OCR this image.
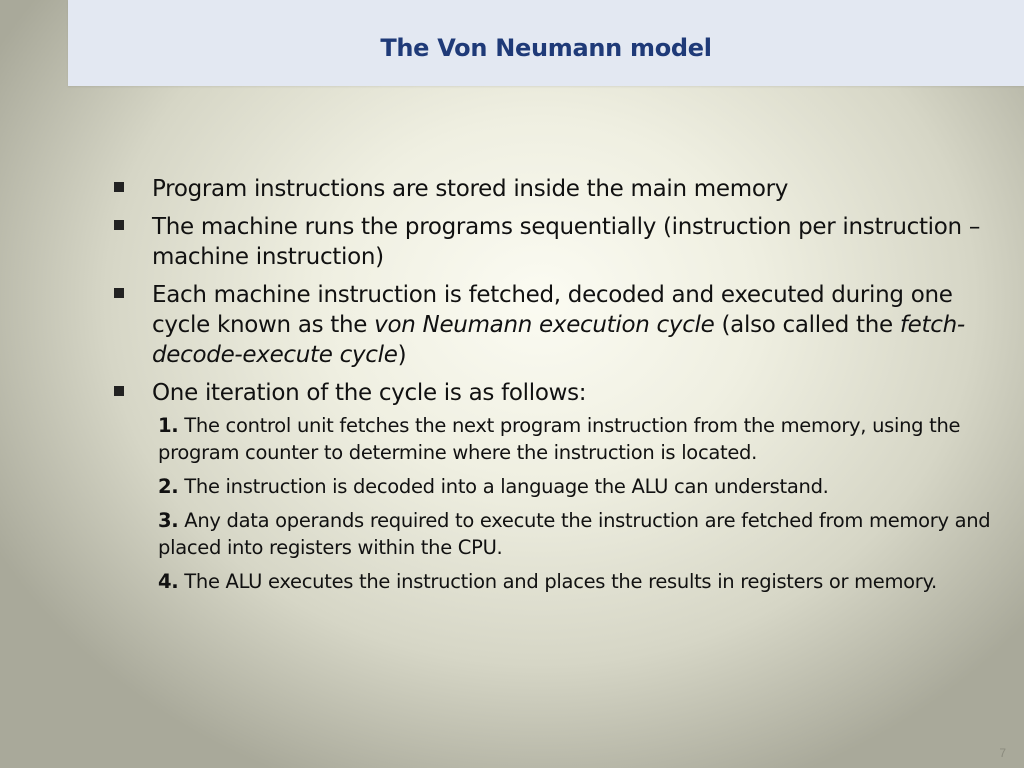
The Von Neumann model
Program instructions are stored inside the main memory
The machine runs the programs sequentially (instruction per instruction – machine instruction)
Each machine instruction is fetched, decoded and executed during one cycle known as the von Neumann execution cycle (also called the fetch-decode-execute cycle)
One iteration of the cycle is as follows:
1. The control unit fetches the next program instruction from the memory, using the program counter to determine where the instruction is located.
2. The instruction is decoded into a language the ALU can understand.
3. Any data operands required to execute the instruction are fetched from memory and placed into registers within the CPU.
4. The ALU executes the instruction and places the results in registers or memory.
7
